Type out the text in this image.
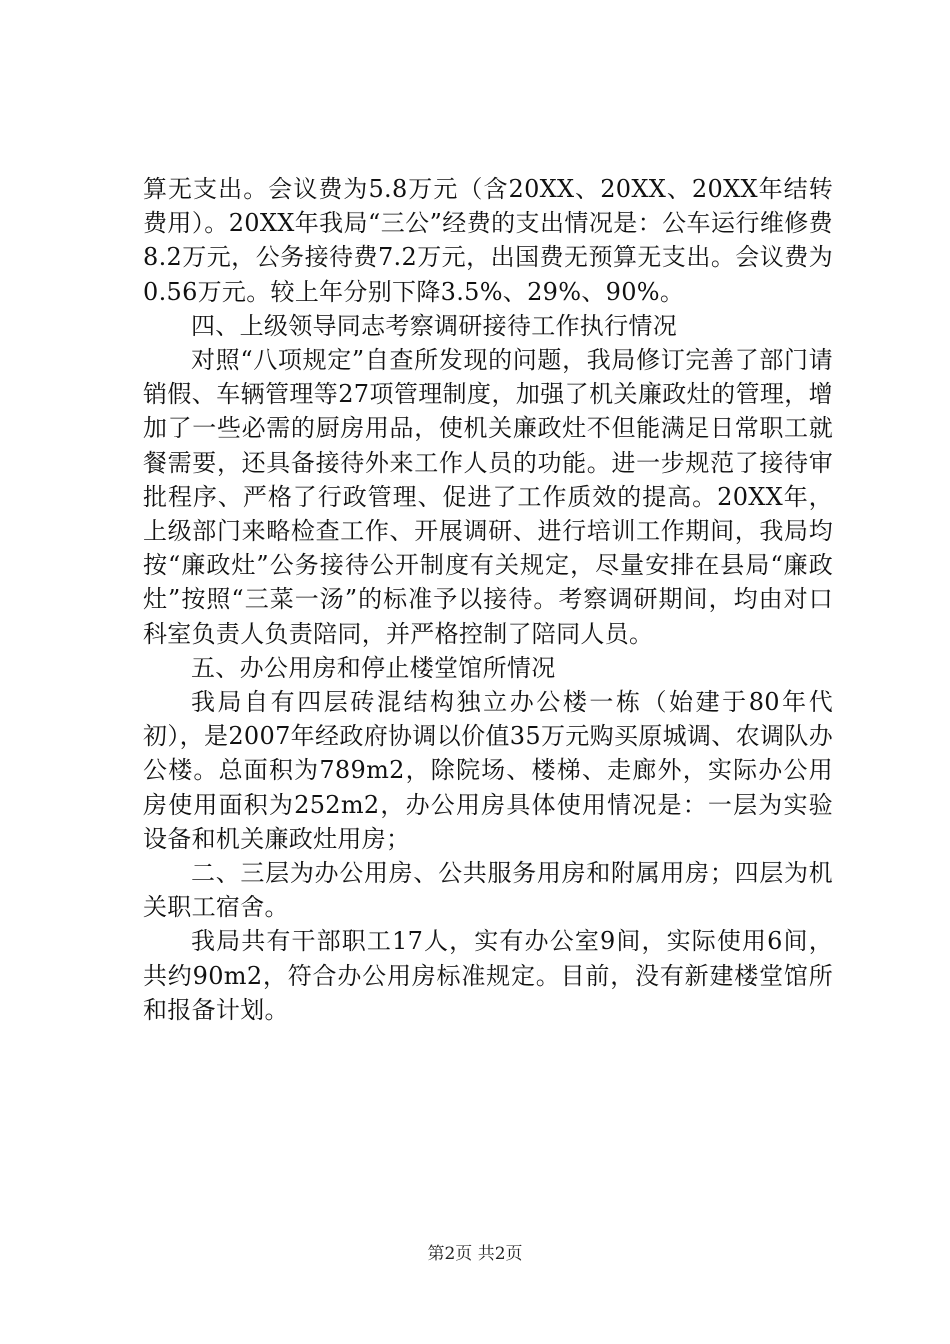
算无支出。会议费为5.8万元（含20XX、20XX、20XX年结转费用）。20XX年我局“三公”经费的支出情况是：公车运行维修费8.2万元，公务接待费7.2万元，出国费无预算无支出。会议费为0.56万元。较上年分别下降3.5%、29%、90%。

四、上级领导同志考察调研接待工作执行情况

对照“八项规定”自查所发现的问题，我局修订完善了部门请销假、车辆管理等27项管理制度，加强了机关廉政灶的管理，增加了一些必需的厨房用品，使机关廉政灶不但能满足日常职工就餐需要，还具备接待外来工作人员的功能。进一步规范了接待审批程序、严格了行政管理、促进了工作质效的提高。20XX年，上级部门来略检查工作、开展调研、进行培训工作期间，我局均按“廉政灶”公务接待公开制度有关规定，尽量安排在县局“廉政灶”按照“三菜一汤”的标准予以接待。考察调研期间，均由对口科室负责人负责陪同，并严格控制了陪同人员。

五、办公用房和停止楼堂馆所情况

我局自有四层砖混结构独立办公楼一栋（始建于80年代初），是2007年经政府协调以价值35万元购买原城调、农调队办公楼。总面积为789m2，除院场、楼梯、走廊外，实际办公用房使用面积为252m2，办公用房具体使用情况是：一层为实验设备和机关廉政灶用房；

二、三层为办公用房、公共服务用房和附属用房；四层为机关职工宿舍。

我局共有干部职工17人，实有办公室9间，实际使用6间，共约90m2，符合办公用房标准规定。目前，没有新建楼堂馆所和报备计划。

第2页 共2页
